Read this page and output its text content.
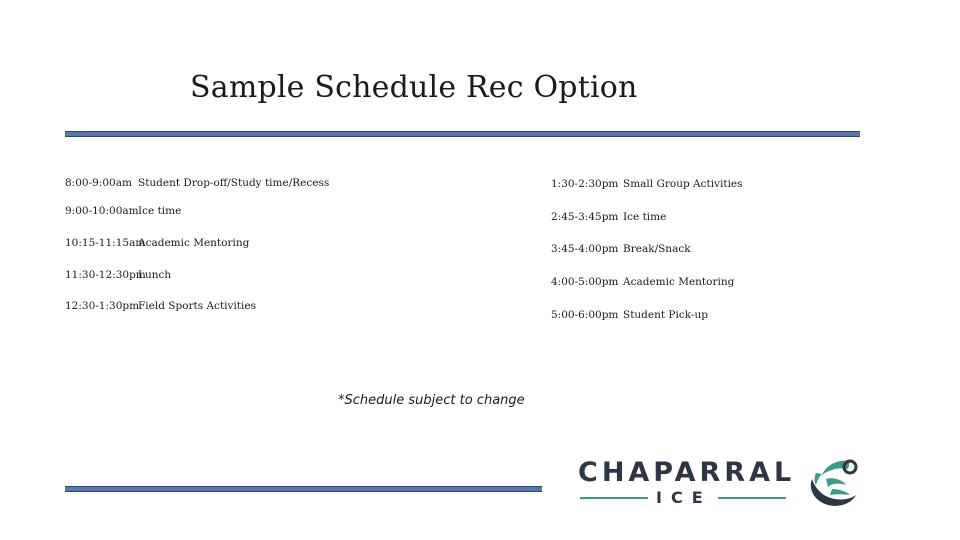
Sample Schedule Rec Option
8:00-9:00am Student Drop-off/Study time/Recess
9:00-10:00am Ice time
10:15-11:15am
Academic Mentoring
11:30-12:30pm
Lunch
12:30-1:30pm
Field Sports Activities
1:30-2:30pm Small Group Activities
2:45-3:45pm Ice time
3:45-4:00pm Break/Snack
4:00-5:00pm Academic Mentoring
5:00-6:00pm Student Pick-up
*Schedule subject to change
CHAPARRAL
ICE
